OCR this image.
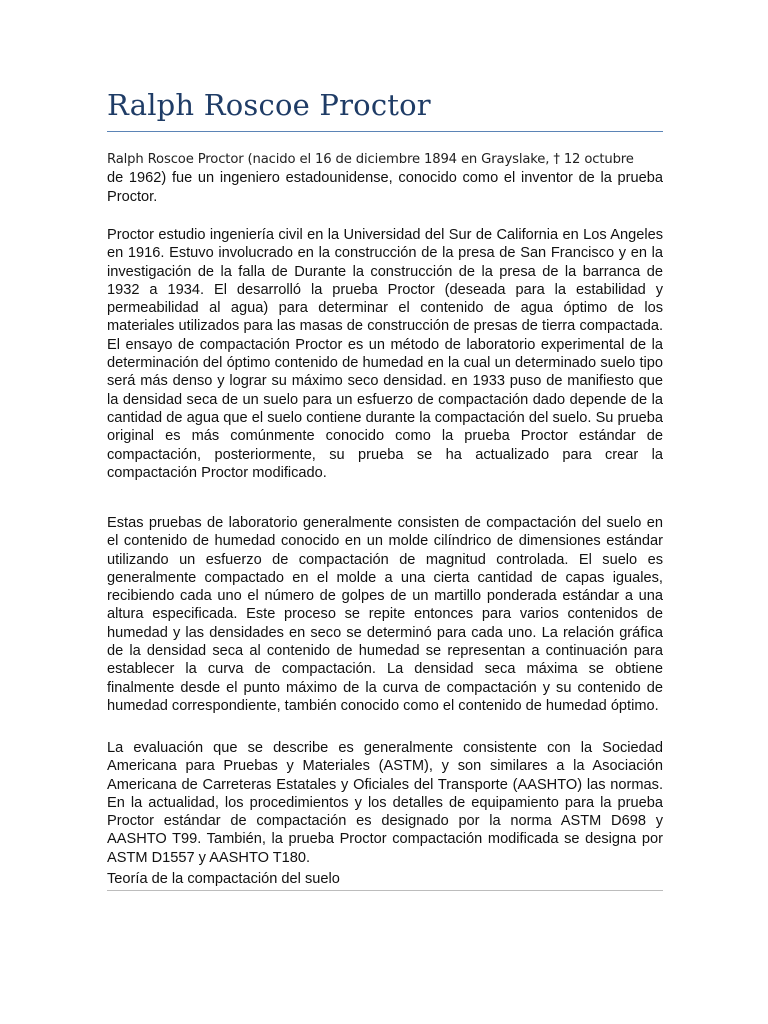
Ralph Roscoe Proctor

Ralph Roscoe Proctor (nacido el 16 de diciembre 1894 en Grayslake, † 12 octubre
de 1962) fue un ingeniero estadounidense, conocido como el inventor de la prueba Proctor.

Proctor estudio ingeniería civil en la Universidad del Sur de California en Los Angeles en 1916. Estuvo involucrado en la construcción de la presa de San Francisco y en la investigación de la falla de Durante la construcción de la presa de la barranca de 1932 a 1934. El desarrolló la prueba Proctor (deseada para la estabilidad y permeabilidad al agua) para determinar el contenido de agua óptimo de los materiales utilizados para las masas de construcción de presas de tierra compactada. El ensayo de compactación Proctor es un método de laboratorio experimental de la determinación del óptimo contenido de humedad en la cual un determinado suelo tipo será más denso y lograr su máximo seco densidad. en 1933 puso de manifiesto que la densidad seca de un suelo para un esfuerzo de compactación dado depende de la cantidad de agua que el suelo contiene durante la compactación del suelo. Su prueba original es más comúnmente conocido como la prueba Proctor estándar de compactación, posteriormente, su prueba se ha actualizado para crear la compactación Proctor modificado.

Estas pruebas de laboratorio generalmente consisten de compactación del suelo en el contenido de humedad conocido en un molde cilíndrico de dimensiones estándar utilizando un esfuerzo de compactación de magnitud controlada. El suelo es generalmente compactado en el molde a una cierta cantidad de capas iguales, recibiendo cada uno el número de golpes de un martillo ponderada estándar a una altura especificada. Este proceso se repite entonces para varios contenidos de humedad y las densidades en seco se determinó para cada uno. La relación gráfica de la densidad seca al contenido de humedad se representan a continuación para establecer la curva de compactación. La densidad seca máxima se obtiene finalmente desde el punto máximo de la curva de compactación y su contenido de humedad correspondiente, también conocido como el contenido de humedad óptimo.

La evaluación que se describe es generalmente consistente con la Sociedad Americana para Pruebas y Materiales (ASTM), y son similares a la Asociación Americana de Carreteras Estatales y Oficiales del Transporte (AASHTO) las normas. En la actualidad, los procedimientos y los detalles de equipamiento para la prueba Proctor estándar de compactación es designado por la norma ASTM D698 y AASHTO T99. También, la prueba Proctor compactación modificada se designa por ASTM D1557 y AASHTO T180.

Teoría de la compactación del suelo
